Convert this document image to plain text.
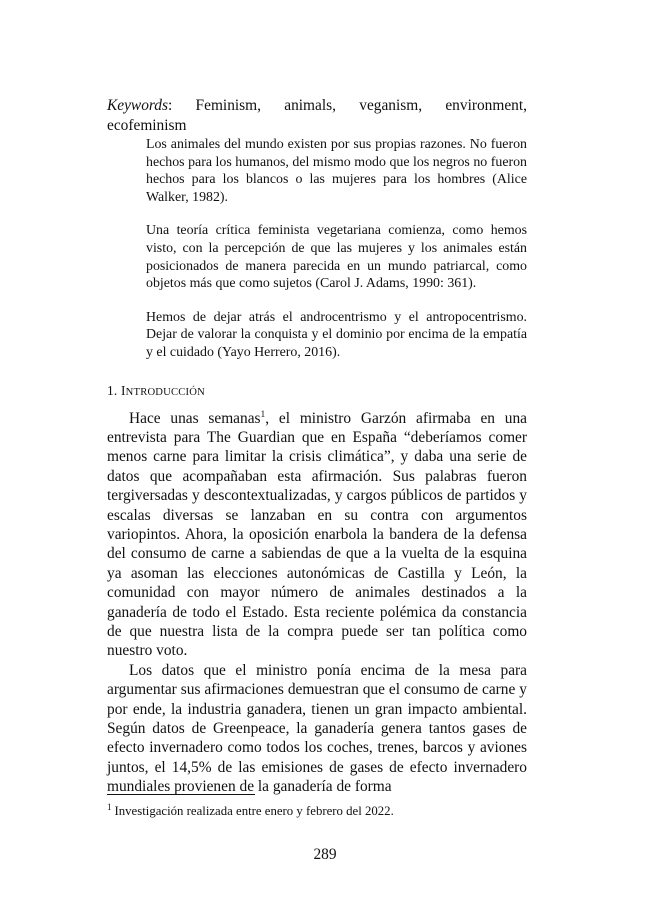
Keywords: Feminism, animals, veganism, environment,
ecofeminism

Los animales del mundo existen por sus propias razones. No fueron hechos para los humanos, del mismo modo que los negros no fueron hechos para los blancos o las mujeres para los hombres (Alice Walker, 1982).

Una teoría crítica feminista vegetariana comienza, como hemos visto, con la percepción de que las mujeres y los animales están posicionados de manera parecida en un mundo patriarcal, como objetos más que como sujetos (Carol J. Adams, 1990: 361).

Hemos de dejar atrás el androcentrismo y el antropocentrismo. Dejar de valorar la conquista y el dominio por encima de la empatía y el cuidado (Yayo Herrero, 2016).

1. INTRODUCCIÓN

Hace unas semanas$^1$, el ministro Garzón afirmaba en una entrevista para The Guardian que en España “deberíamos comer menos carne para limitar la crisis climática”, y daba una serie de datos que acompañaban esta afirmación. Sus palabras fueron tergiversadas y descontextualizadas, y cargos públicos de partidos y escalas diversas se lanzaban en su contra con argumentos variopintos. Ahora, la oposición enarbola la bandera de la defensa del consumo de carne a sabiendas de que a la vuelta de la esquina ya asoman las elecciones autonómicas de Castilla y León, la comunidad con mayor número de animales destinados a la ganadería de todo el Estado. Esta reciente polémica da constancia de que nuestra lista de la compra puede ser tan política como nuestro voto.

Los datos que el ministro ponía encima de la mesa para argumentar sus afirmaciones demuestran que el consumo de carne y por ende, la industria ganadera, tienen un gran impacto ambiental. Según datos de Greenpeace, la ganadería genera tantos gases de efecto invernadero como todos los coches, trenes, barcos y aviones juntos, el 14,5% de las emisiones de gases de efecto invernadero mundiales provienen de la ganadería de forma

$^1$ Investigación realizada entre enero y febrero del 2022.
289
